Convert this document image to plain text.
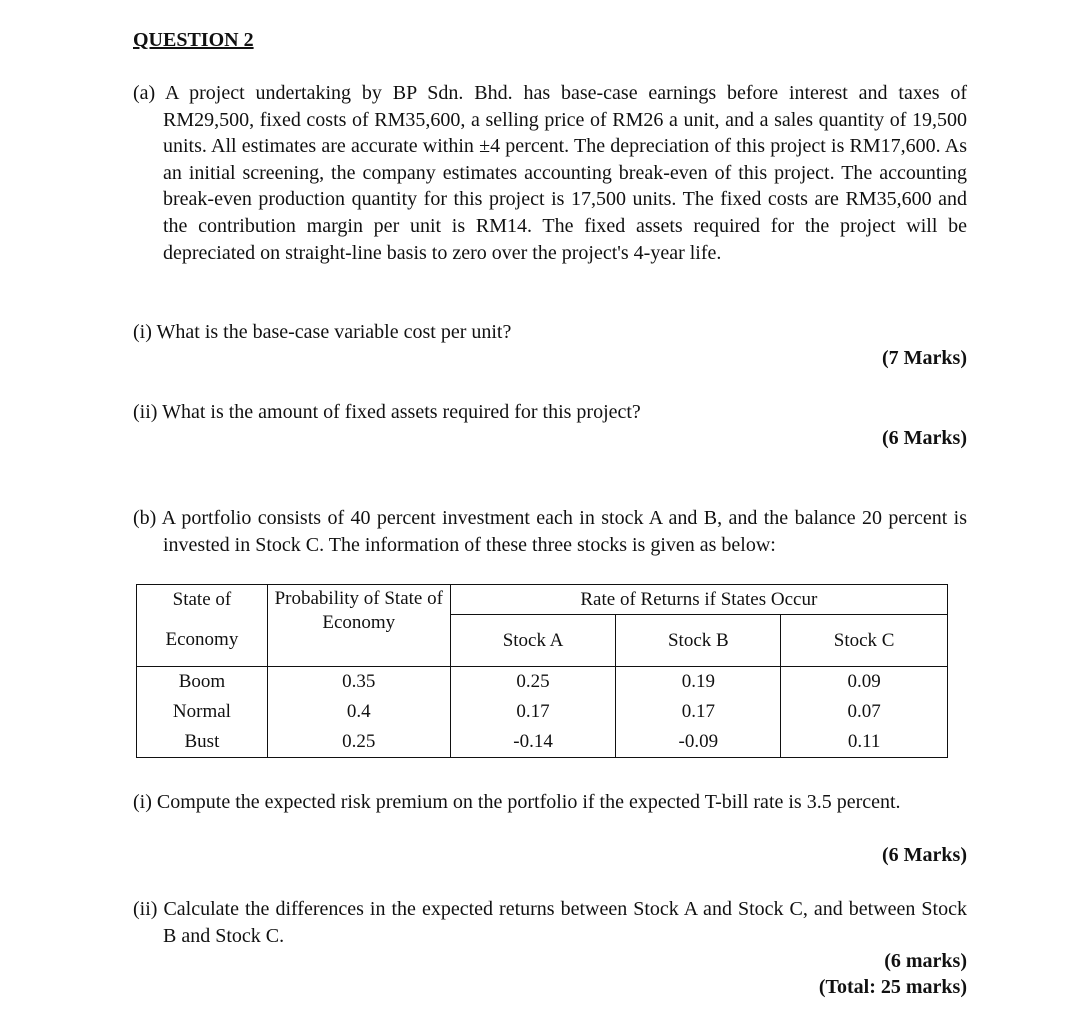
QUESTION 2
(a) A project undertaking by BP Sdn. Bhd. has base-case earnings before interest and taxes of RM29,500, fixed costs of RM35,600, a selling price of RM26 a unit, and a sales quantity of 19,500 units. All estimates are accurate within ±4 percent. The depreciation of this project is RM17,600. As an initial screening, the company estimates accounting break-even of this project. The accounting break-even production quantity for this project is 17,500 units. The fixed costs are RM35,600 and the contribution margin per unit is RM14. The fixed assets required for the project will be depreciated on straight-line basis to zero over the project's 4-year life.
(i) What is the base-case variable cost per unit?
(7 Marks)
(ii) What is the amount of fixed assets required for this project?
(6 Marks)
(b) A portfolio consists of 40 percent investment each in stock A and B, and the balance 20 percent is invested in Stock C. The information of these three stocks is given as below:
State of	Probability of State of Economy	Rate of Returns if States Occur		
Economy		Stock A	Stock B	Stock C
Boom	0.35	0.25	0.19	0.09
Normal	0.4	0.17	0.17	0.07
Bust	0.25	-0.14	-0.09	0.11
(i) Compute the expected risk premium on the portfolio if the expected T-bill rate is 3.5 percent.
(6 Marks)
(ii) Calculate the differences in the expected returns between Stock A and Stock C, and between Stock B and Stock C.
(6 marks)
(Total: 25 marks)
